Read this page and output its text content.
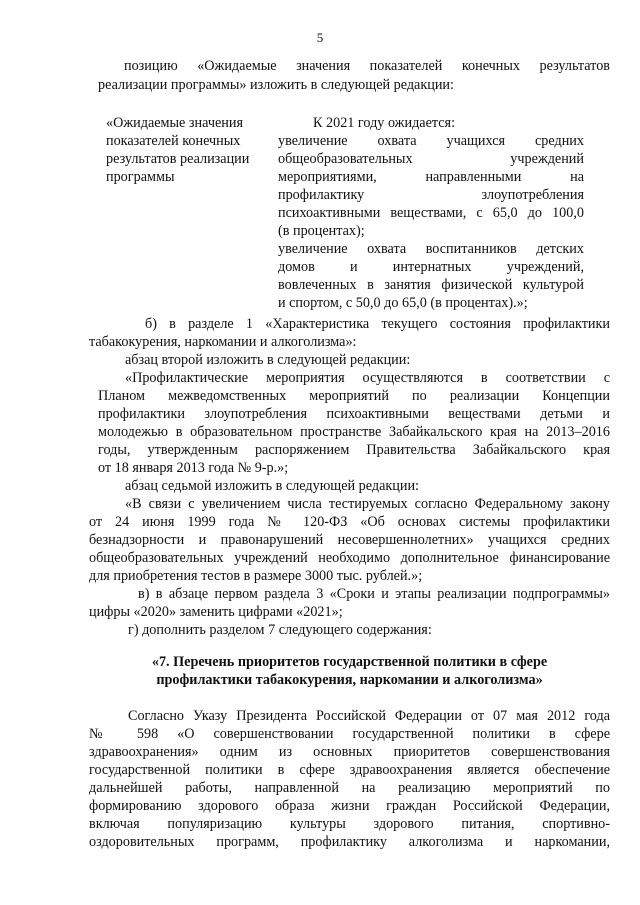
5
позицию «Ожидаемые значения показателей конечных результатов
реализации программы» изложить в следующей редакции:
«Ожидаемые значения
показателей конечных
результатов реализации
программы
К 2021 году ожидается:
увеличение охвата учащихся средних
общеобразовательных учреждений
мероприятиями, направленными на
профилактику злоупотребления
психоактивными веществами, с 65,0 до 100,0
(в процентах);
увеличение охвата воспитанников детских
домов и интернатных учреждений,
вовлеченных в занятия физической культурой
и спортом, с 50,0 до 65,0 (в процентах).»;
б) в разделе 1 «Характеристика текущего состояния профилактики
табакокурения, наркомании и алкоголизма»:
абзац второй изложить в следующей редакции:
«Профилактические мероприятия осуществляются в соответствии с
Планом межведомственных мероприятий по реализации Концепции
профилактики злоупотребления психоактивными веществами детьми и
молодежью в образовательном пространстве Забайкальского края на 2013–2016
годы, утвержденным распоряжением Правительства Забайкальского края
от 18 января 2013 года № 9-р.»;
абзац седьмой изложить в следующей редакции:
«В связи с увеличением числа тестируемых согласно Федеральному закону
от 24 июня 1999 года № 120-ФЗ «Об основах системы профилактики
безнадзорности и правонарушений несовершеннолетних» учащихся средних
общеобразовательных учреждений необходимо дополнительное финансирование
для приобретения тестов в размере 3000 тыс. рублей.»;
в) в абзаце первом раздела 3 «Сроки и этапы реализации подпрограммы»
цифры «2020» заменить цифрами «2021»;
г) дополнить разделом 7 следующего содержания:
«7. Перечень приоритетов государственной политики в сфере
профилактики табакокурения, наркомании и алкоголизма»
Согласно Указу Президента Российской Федерации от 07 мая 2012 года
№ 598 «О совершенствовании государственной политики в сфере
здравоохранения» одним из основных приоритетов совершенствования
государственной политики в сфере здравоохранения является обеспечение
дальнейшей работы, направленной на реализацию мероприятий по
формированию здорового образа жизни граждан Российской Федерации,
включая популяризацию культуры здорового питания, спортивно-
оздоровительных программ, профилактику алкоголизма и наркомании,
